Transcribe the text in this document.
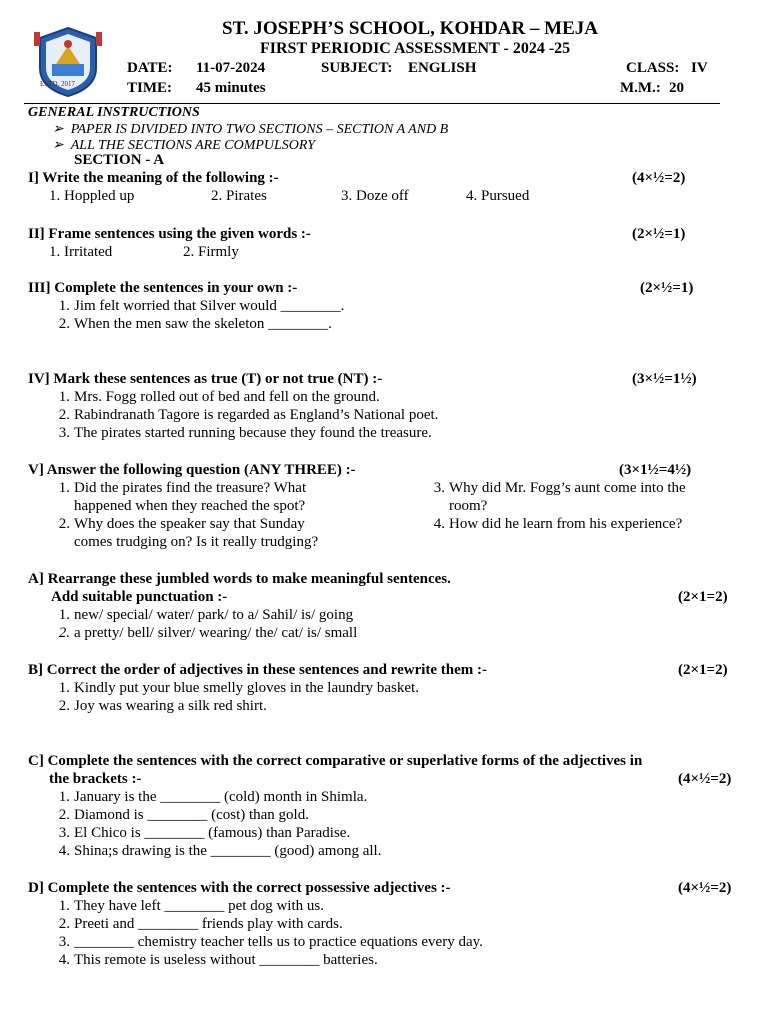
ESTD. 2017
ST. JOSEPH’S SCHOOL, KOHDAR – MEJA
FIRST PERIODIC ASSESSMENT - 2024 -25
DATE: 11-07-2024	SUBJECT: ENGLISH	CLASS: IV
TIME: 45 minutes	M.M.: 20
GENERAL INSTRUCTIONS
➢ PAPER IS DIVIDED INTO TWO SECTIONS – SECTION A AND B
➢ ALL THE SECTIONS ARE COMPULSORY
SECTION - A
I] Write the meaning of the following :-	(4×½=2)
1. Hoppled up	2. Pirates	3. Doze off	4. Pursued
II] Frame sentences using the given words :-	(2×½=1)
1. Irritated	2. Firmly
III] Complete the sentences in your own :-	(2×½=1)
1. Jim felt worried that Silver would ________.
2. When the men saw the skeleton ________.
IV] Mark these sentences as true (T) or not true (NT) :-	(3×½=1½)
1. Mrs. Fogg rolled out of bed and fell on the ground.
2. Rabindranath Tagore is regarded as England’s National poet.
3. The pirates started running because they found the treasure.
V] Answer the following question (ANY THREE) :-	(3×1½=4½)
1. Did the pirates find the treasure? What
happened when they reached the spot?
2. Why does the speaker say that Sunday
comes trudging on? Is it really trudging?
3. Why did Mr. Fogg’s aunt come into the
room?
4. How did he learn from his experience?
A] Rearrange these jumbled words to make meaningful sentences.
Add suitable punctuation :-	(2×1=2)
1. new/ special/ water/ park/ to a/ Sahil/ is/ going
2. a pretty/ bell/ silver/ wearing/ the/ cat/ is/ small
B] Correct the order of adjectives in these sentences and rewrite them :-	(2×1=2)
1. Kindly put your blue smelly gloves in the laundry basket.
2. Joy was wearing a silk red shirt.
C] Complete the sentences with the correct comparative or superlative forms of the adjectives in
the brackets :-	(4×½=2)
1. January is the ________ (cold) month in Shimla.
2. Diamond is ________ (cost) than gold.
3. El Chico is ________ (famous) than Paradise.
4. Shina;s drawing is the ________ (good) among all.
D] Complete the sentences with the correct possessive adjectives :-	(4×½=2)
1. They have left ________ pet dog with us.
2. Preeti and ________ friends play with cards.
3. ________ chemistry teacher tells us to practice equations every day.
4. This remote is useless without ________ batteries.
